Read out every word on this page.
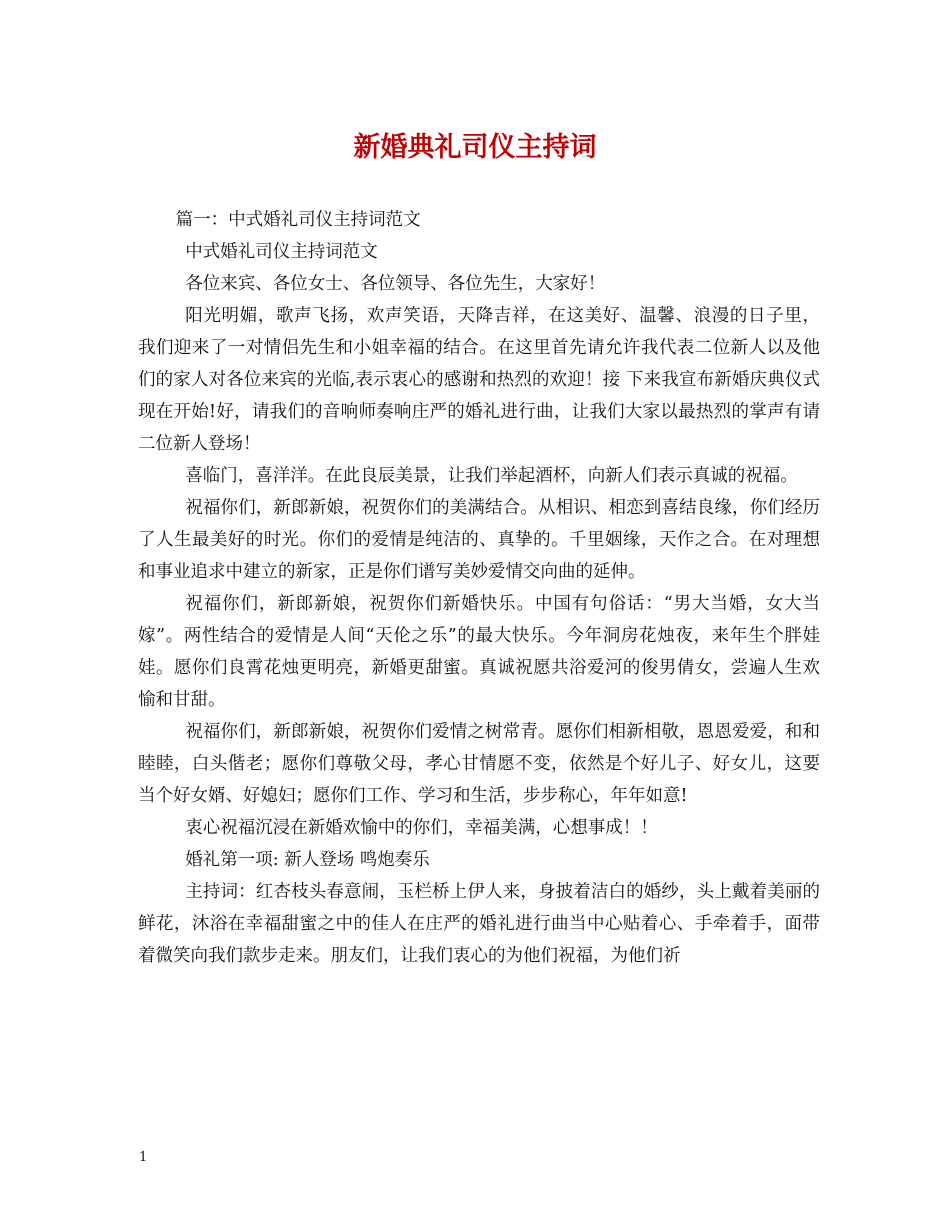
新婚典礼司仪主持词

篇一：中式婚礼司仪主持词范文

中式婚礼司仪主持词范文

各位来宾、各位女士、各位领导、各位先生，大家好！

阳光明媚，歌声飞扬，欢声笑语，天降吉祥，在这美好、温馨、浪漫的日子里， 我们迎来了一对情侣先生和小姐幸福的结合。在这里首先请允许我代表二位新人以及他们的家人对各位来宾的光临,表示衷心的感谢和热烈的欢迎！接 下来我宣布新婚庆典仪式现在开始!好，请我们的音响师奏响庄严的婚礼进行曲，让我们大家以最热烈的掌声有请二位新人登场！

喜临门，喜洋洋。在此良辰美景，让我们举起酒杯，向新人们表示真诚的祝福。

祝福你们，新郎新娘，祝贺你们的美满结合。从相识、相恋到喜结良缘，你们经历了人生最美好的时光。你们的爱情是纯洁的、真挚的。千里姻缘，天作之合。在对理想和事业追求中建立的新家，正是你们谱写美妙爱情交向曲的延伸。

祝福你们，新郎新娘，祝贺你们新婚快乐。中国有句俗话：“男大当婚，女大当嫁”。两性结合的爱情是人间“天伦之乐”的最大快乐。今年洞房花烛夜，来年生个胖娃娃。愿你们良霄花烛更明亮，新婚更甜蜜。真诚祝愿共浴爱河的俊男倩女，尝遍人生欢愉和甘甜。

祝福你们，新郎新娘，祝贺你们爱情之树常青。愿你们相新相敬，恩恩爱爱，和和睦睦，白头偕老；愿你们尊敬父母，孝心甘情愿不变，依然是个好儿子、好女儿，这要当个好女婿、好媳妇；愿你们工作、学习和生活，步步称心，年年如意!

衷心祝福沉浸在新婚欢愉中的你们，幸福美满，心想事成！！

婚礼第一项: 新人登场 鸣炮奏乐

主持词：红杏枝头春意闹，玉栏桥上伊人来，身披着洁白的婚纱，头上戴着美丽的鲜花，沐浴在幸福甜蜜之中的佳人在庄严的婚礼进行曲当中心贴着心、手牵着手，面带着微笑向我们款步走来。朋友们，让我们衷心的为他们祝福，为他们祈

1
